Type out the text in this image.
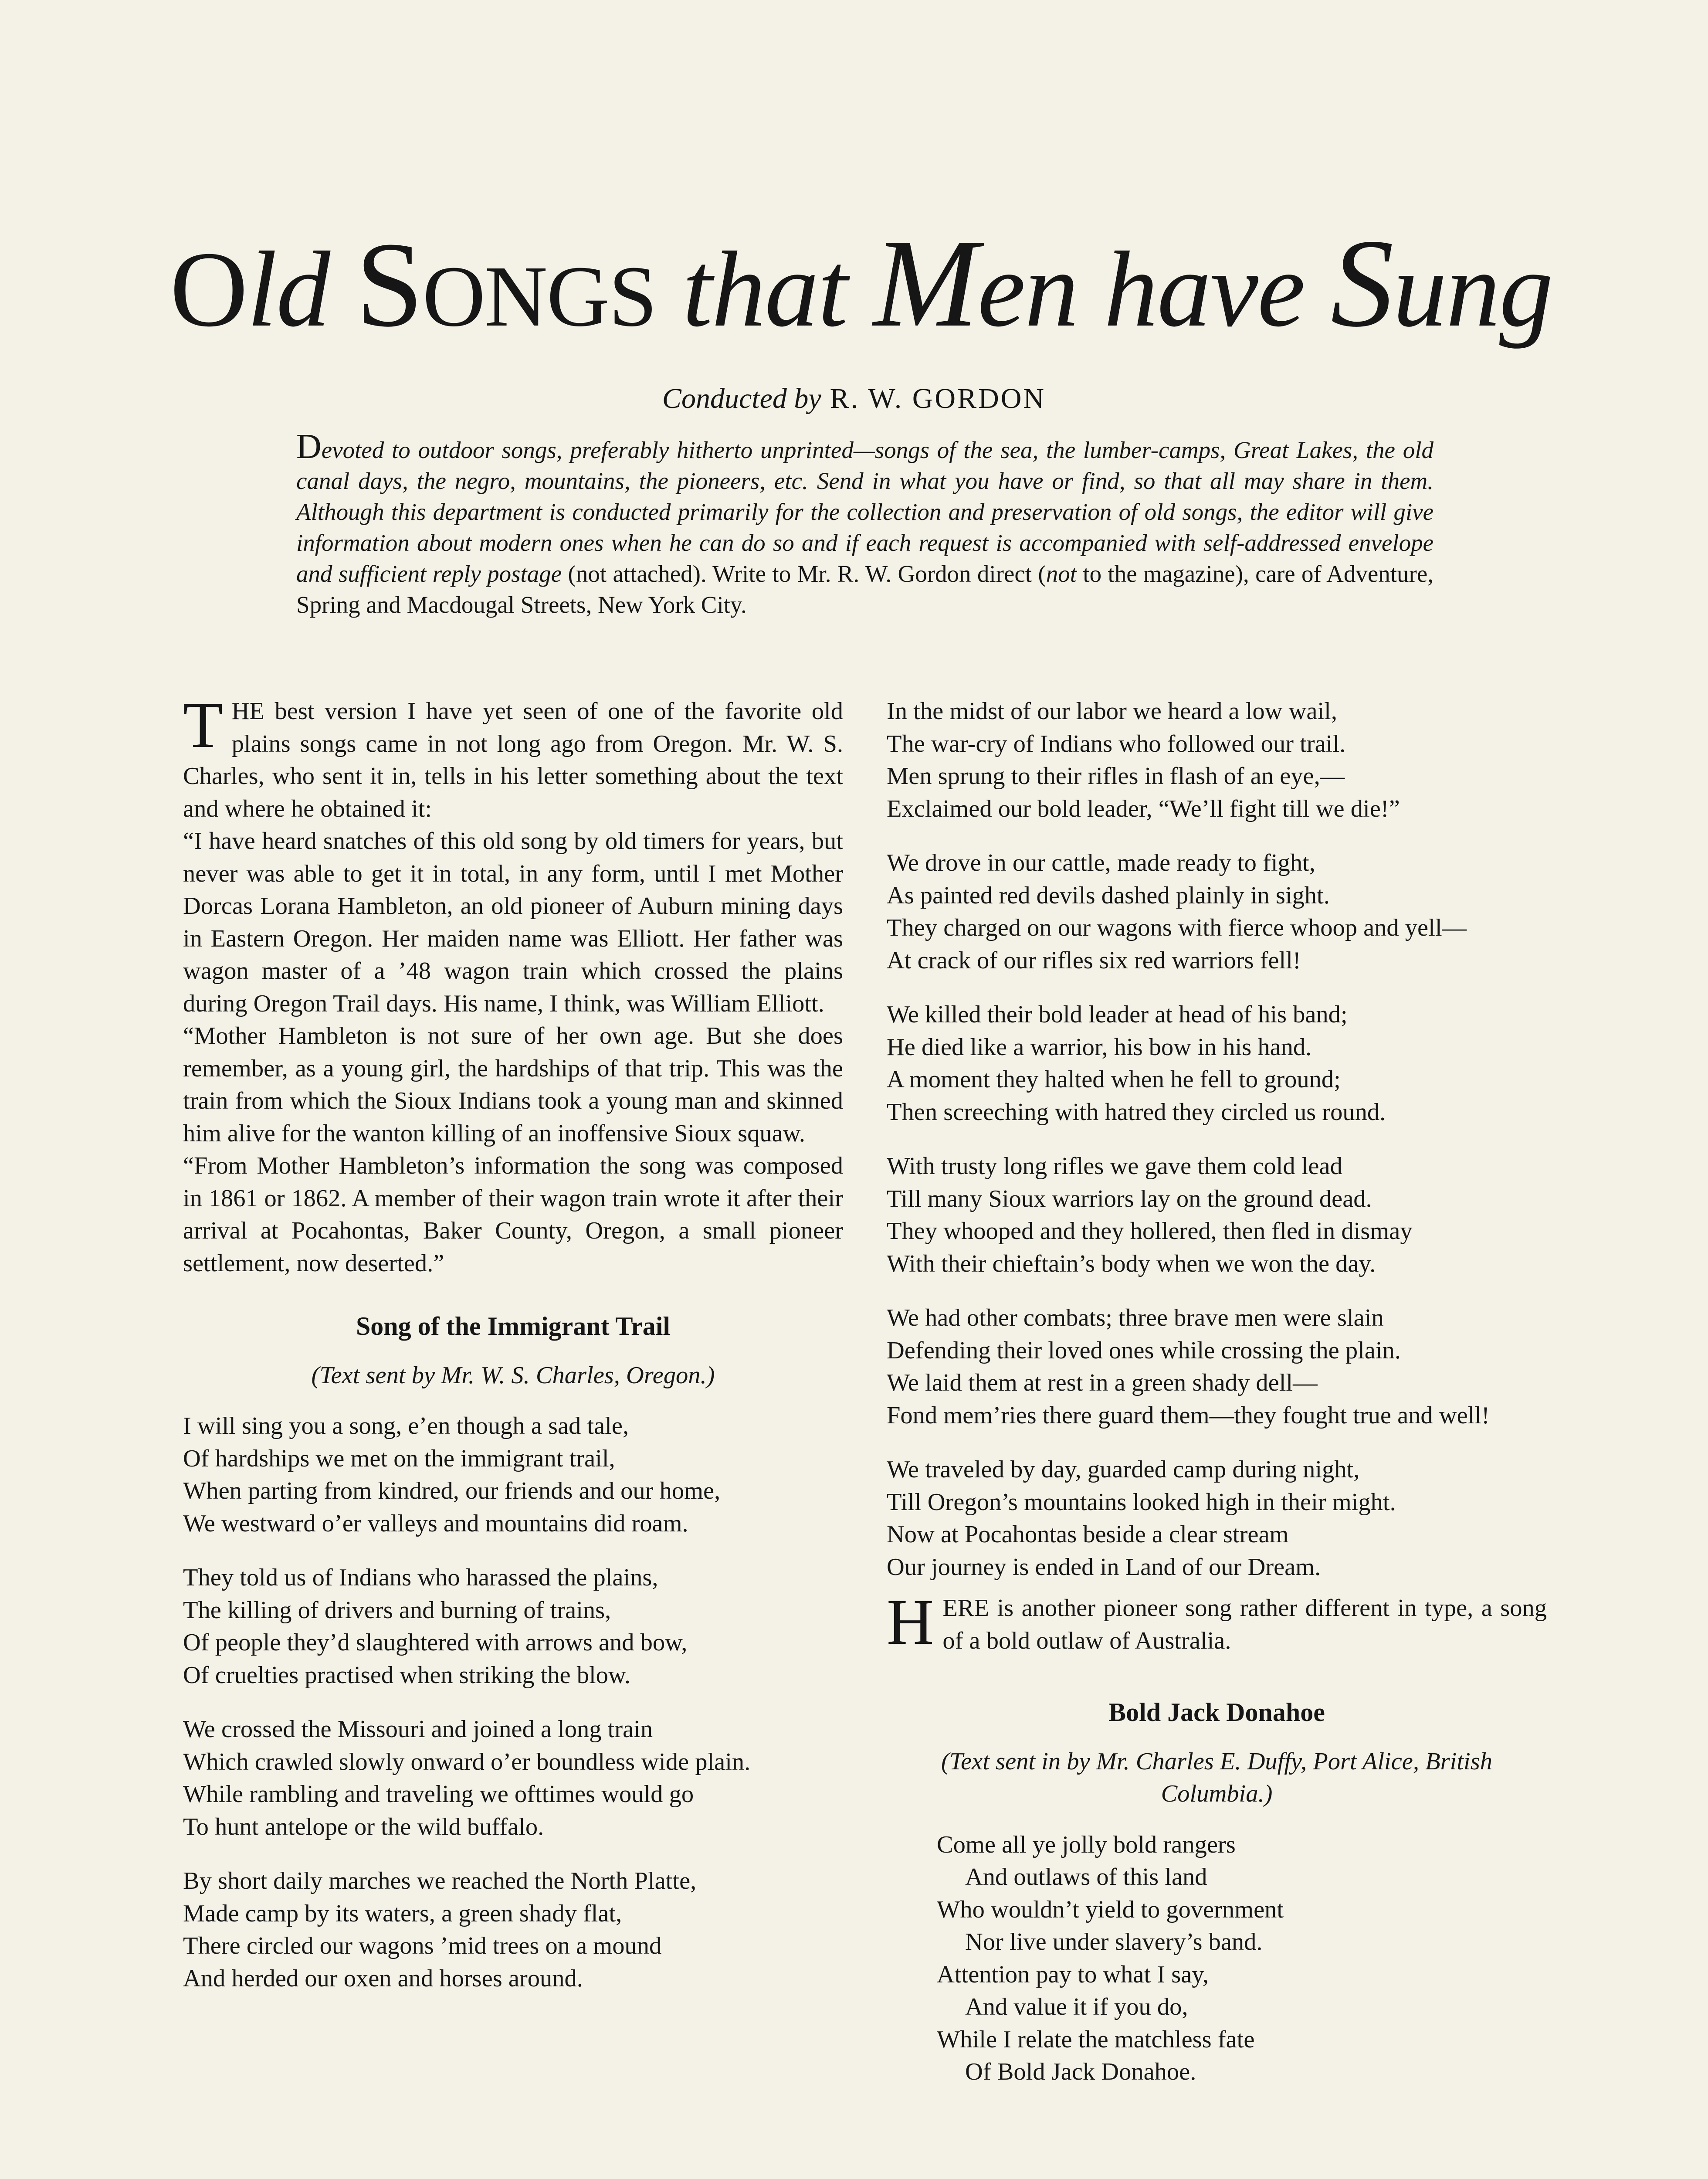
Old SONGS that Men have Sung
Conducted by R. W. GORDON
Devoted to outdoor songs, preferably hitherto unprinted—songs of the sea, the lumber-camps, Great Lakes, the old canal days, the negro, mountains, the pioneers, etc. Send in what you have or find, so that all may share in them. Although this department is conducted primarily for the collection and preservation of old songs, the editor will give information about modern ones when he can do so and if each request is accompanied with self-addressed envelope and sufficient reply postage (not attached). Write to Mr. R. W. Gordon direct (not to the magazine), care of Adventure, Spring and Macdougal Streets, New York City.

THE best version I have yet seen of one of the favorite old plains songs came in not long ago from Oregon. Mr. W. S. Charles, who sent it in, tells in his letter something about the text and where he obtained it:

“I have heard snatches of this old song by old timers for years, but never was able to get it in total, in any form, until I met Mother Dorcas Lorana Hambleton, an old pioneer of Auburn mining days in Eastern Oregon. Her maiden name was Elliott. Her father was wagon master of a ’48 wagon train which crossed the plains during Oregon Trail days. His name, I think, was William Elliott.

“Mother Hambleton is not sure of her own age. But she does remember, as a young girl, the hardships of that trip. This was the train from which the Sioux Indians took a young man and skinned him alive for the wanton killing of an inoffensive Sioux squaw.

“From Mother Hambleton’s information the song was composed in 1861 or 1862. A member of their wagon train wrote it after their arrival at Pocahontas, Baker County, Oregon, a small pioneer settlement, now deserted.”

Song of the Immigrant Trail
(Text sent by Mr. W. S. Charles, Oregon.)
I will sing you a song, e’en though a sad tale,
Of hardships we met on the immigrant trail,
When parting from kindred, our friends and our home,
We westward o’er valleys and mountains did roam.
They told us of Indians who harassed the plains,
The killing of drivers and burning of trains,
Of people they’d slaughtered with arrows and bow,
Of cruelties practised when striking the blow.
We crossed the Missouri and joined a long train
Which crawled slowly onward o’er boundless wide plain.
While rambling and traveling we ofttimes would go
To hunt antelope or the wild buffalo.
By short daily marches we reached the North Platte,
Made camp by its waters, a green shady flat,
There circled our wagons ’mid trees on a mound
And herded our oxen and horses around.
In the midst of our labor we heard a low wail,
The war-cry of Indians who followed our trail.
Men sprung to their rifles in flash of an eye,—
Exclaimed our bold leader, “We’ll fight till we die!”
We drove in our cattle, made ready to fight,
As painted red devils dashed plainly in sight.
They charged on our wagons with fierce whoop and yell—
At crack of our rifles six red warriors fell!
We killed their bold leader at head of his band;
He died like a warrior, his bow in his hand.
A moment they halted when he fell to ground;
Then screeching with hatred they circled us round.
With trusty long rifles we gave them cold lead
Till many Sioux warriors lay on the ground dead.
They whooped and they hollered, then fled in dismay
With their chieftain’s body when we won the day.
We had other combats; three brave men were slain
Defending their loved ones while crossing the plain.
We laid them at rest in a green shady dell—
Fond mem’ries there guard them—they fought true and well!
We traveled by day, guarded camp during night,
Till Oregon’s mountains looked high in their might.
Now at Pocahontas beside a clear stream
Our journey is ended in Land of our Dream.

HERE is another pioneer song rather different in type, a song of a bold outlaw of Australia.

Bold Jack Donahoe
(Text sent in by Mr. Charles E. Duffy, Port Alice, British Columbia.)
Come all ye jolly bold rangers
And outlaws of this land
Who wouldn’t yield to government
Nor live under slavery’s band.
Attention pay to what I say,
And value it if you do,
While I relate the matchless fate
Of Bold Jack Donahoe.
